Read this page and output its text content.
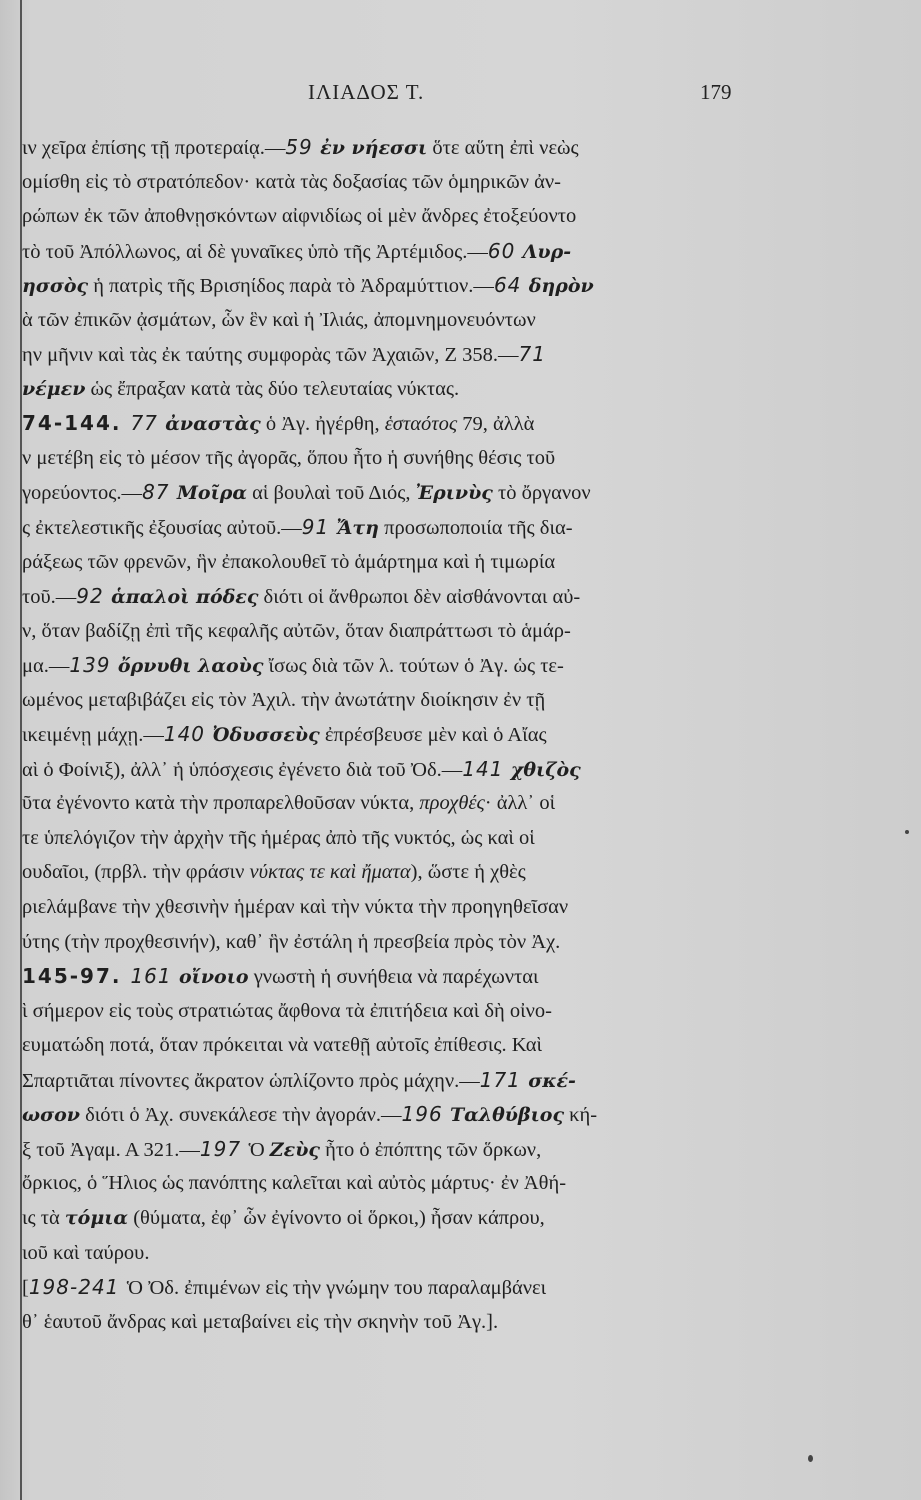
ΙΛΙΑΔΟΣ Τ.	179
ιν χεῖρα ἐπίσης τῇ προτεραίᾳ.—59 ἐν νήεσσι ὅτε αὕτη ἐπὶ νεὼς
ομίσθη εἰς τὸ στρατόπεδον· κατὰ τὰς δοξασίας τῶν ὁμηρικῶν ἀν-
ρώπων ἐκ τῶν ἀποθνῃσκόντων αἰφνιδίως οἱ μὲν ἄνδρες ἐτοξεύοντο
τὸ τοῦ Ἀπόλλωνος, αἱ δὲ γυναῖκες ὑπὸ τῆς Ἀρτέμιδος.—60 Λυρ-
ησσὸς ἡ πατρὶς τῆς Βρισηίδος παρὰ τὸ Ἀδραμύττιον.—64 δηρὸν
ὰ τῶν ἐπικῶν ᾀσμάτων, ὧν ἓν καὶ ἡ Ἰλιάς, ἀπομνημονευόντων
ην μῆνιν καὶ τὰς ἐκ ταύτης συμφορὰς τῶν Ἀχαιῶν, Ζ 358.—71
νέμεν ὡς ἔπραξαν κατὰ τὰς δύο τελευταίας νύκτας.
74-144. 77 ἀναστὰς ὁ Ἀγ. ἠγέρθη, ἑσταότος 79, ἀλλὰ
ν μετέβη εἰς τὸ μέσον τῆς ἀγορᾶς, ὅπου ἦτο ἡ συνήθης θέσις τοῦ
γορεύοντος.—87 Μοῖρα αἱ βουλαὶ τοῦ Διός, Ἐρινὺς τὸ ὄργανον
ς ἐκτελεστικῆς ἐξουσίας αὐτοῦ.—91 Ἄτη προσωποποιία τῆς δια-
ράξεως τῶν φρενῶν, ἣν ἐπακολουθεῖ τὸ ἁμάρτημα καὶ ἡ τιμωρία
τοῦ.—92 ἁπαλοὶ πόδες διότι οἱ ἄνθρωποι δὲν αἰσθάνονται αὐ-
ν, ὅταν βαδίζῃ ἐπὶ τῆς κεφαλῆς αὐτῶν, ὅταν διαπράττωσι τὸ ἁμάρ-
μα.—139 ὄρνυθι λαοὺς ἴσως διὰ τῶν λ. τούτων ὁ Ἀγ. ὡς τε-
ωμένος μεταβιβάζει εἰς τὸν Ἀχιλ. τὴν ἀνωτάτην διοίκησιν ἐν τῇ
ικειμένῃ μάχῃ.—140 Ὀδυσσεὺς ἐπρέσβευσε μὲν καὶ ὁ Αἴας
αὶ ὁ Φοίνιξ), ἀλλ᾽ ἡ ὑπόσχεσις ἐγένετο διὰ τοῦ Ὀδ.—141 χθιζὸς
ῦτα ἐγένοντο κατὰ τὴν προπαρελθοῦσαν νύκτα, προχθές· ἀλλ᾽ οἱ
τε ὑπελόγιζον τὴν ἀρχὴν τῆς ἡμέρας ἀπὸ τῆς νυκτός, ὡς καὶ οἱ
ουδαῖοι, (πρβλ. τὴν φράσιν νύκτας τε καὶ ἤματα), ὥστε ἡ χθὲς
ριελάμβανε τὴν χθεσινὴν ἡμέραν καὶ τὴν νύκτα τὴν προηγηθεῖσαν
ύτης (τὴν προχθεσινήν), καθ᾽ ἣν ἐστάλη ἡ πρεσβεία πρὸς τὸν Ἀχ.
145-97. 161 οἴνοιο γνωστὴ ἡ συνήθεια νὰ παρέχωνται
ὶ σήμερον εἰς τοὺς στρατιώτας ἄφθονα τὰ ἐπιτήδεια καὶ δὴ οἰνο-
ευματώδη ποτά, ὅταν πρόκειται νὰ νατεθῇ αὐτοῖς ἐπίθεσις. Καὶ
Σπαρτιᾶται πίνοντες ἄκρατον ὡπλίζοντο πρὸς μάχην.—171 σκέ-
ωσον διότι ὁ Ἀχ. συνεκάλεσε τὴν ἀγοράν.—196 Ταλθύβιος κή-
ξ τοῦ Ἀγαμ. Α 321.—197 Ὁ Ζεὺς ἦτο ὁ ἐπόπτης τῶν ὅρκων,
ὄρκιος, ὁ Ἥλιος ὡς πανόπτης καλεῖται καὶ αὐτὸς μάρτυς· ἐν Ἀθή-
ις τὰ τόμια (θύματα, ἐφ᾽ ὧν ἐγίνοντο οἱ ὅρκοι,) ἦσαν κάπρου,
ιοῦ καὶ ταύρου.
[198-241 Ὁ Ὀδ. ἐπιμένων εἰς τὴν γνώμην του παραλαμβάνει
θ᾽ ἑαυτοῦ ἄνδρας καὶ μεταβαίνει εἰς τὴν σκηνὴν τοῦ Ἀγ.].
